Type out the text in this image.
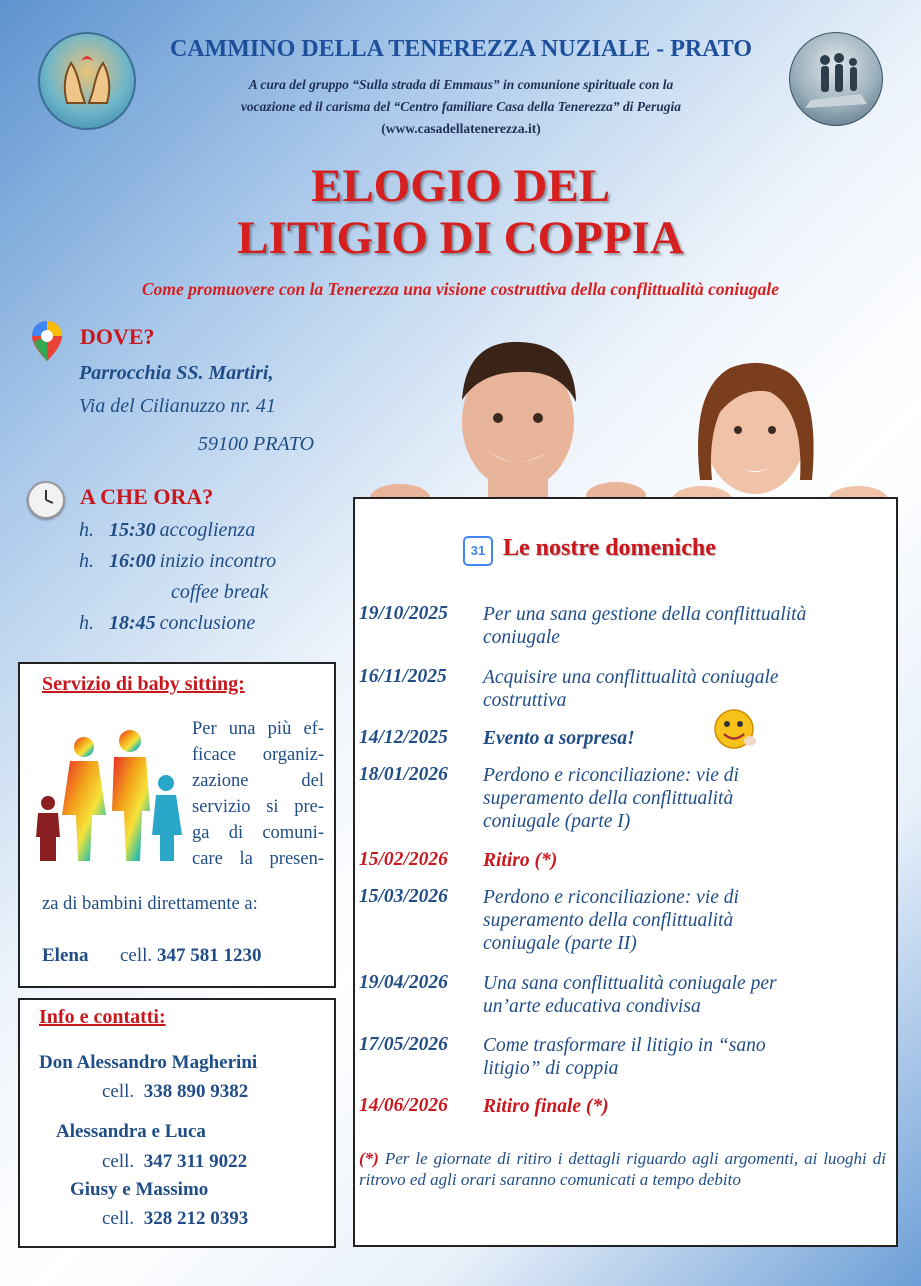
CAMMINO DELLA TENEREZZA NUZIALE - PRATO
A cura del gruppo “Sulla strada di Emmaus” in comunione spirituale con la
vocazione ed il carisma del “Centro familiare Casa della Tenerezza” di Perugia
(www.casadellatenerezza.it)
ELOGIO DEL
LITIGIO DI COPPIA
Come promuovere con la Tenerezza una visione costruttiva della conflittualità coniugale
DOVE?
Parrocchia SS. Martiri,
Via del Cilianuzzo nr. 41
59100 PRATO
A CHE ORA?
h. 15:30 accoglienza
h. 16:00 inizio incontro
coffee break
h. 18:45 conclusione
31 Le nostre domeniche
19/10/2025	Per una sana gestione della conflittualità
coniugale
16/11/2025	Acquisire una conflittualità coniugale
costruttiva
14/12/2025	Evento a sorpresa!
18/01/2026	Perdono e riconciliazione: vie di
superamento della conflittualità
coniugale (parte I)
15/02/2026	Ritiro (*)
15/03/2026	Perdono e riconciliazione: vie di
superamento della conflittualità
coniugale (parte II)
19/04/2026	Una sana conflittualità coniugale per
un’arte educativa condivisa
17/05/2026	Come trasformare il litigio in “sano
litigio” di coppia
14/06/2026	Ritiro finale (*)
(*) Per le giornate di ritiro i dettagli riguardo agli argomenti, ai luoghi di ritrovo ed agli orari saranno comunicati a tempo debito
Servizio di baby sitting:
Per una più ef-
ficace organiz-
zazione del
servizio si pre-
ga di comuni-
care la presen-
za di bambini direttamente a:
Elena cell. 347 581 1230
Info e contatti:
Don Alessandro Magherini
cell. 338 890 9382
Alessandra e Luca
cell. 347 311 9022
Giusy e Massimo
cell. 328 212 0393
